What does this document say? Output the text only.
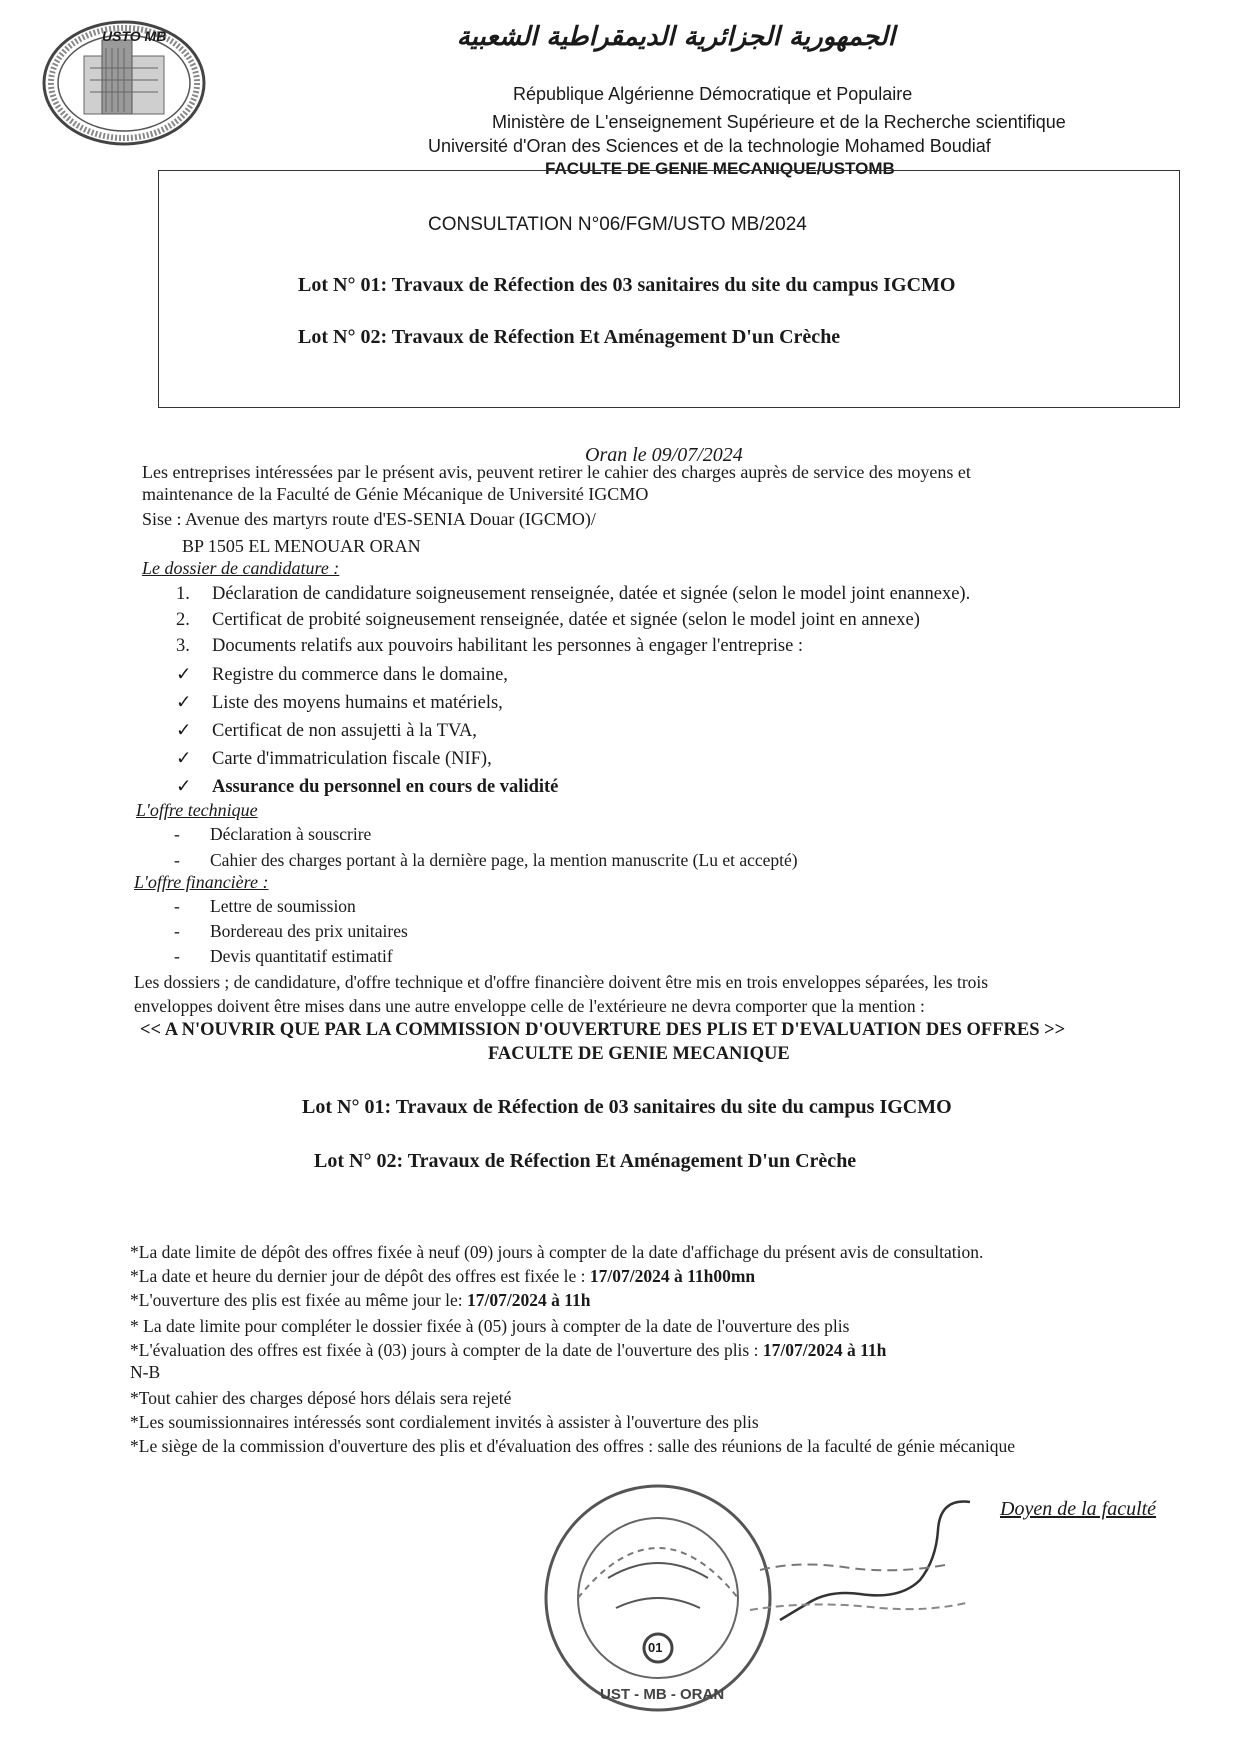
USTO MB	الجمهورية الجزائرية الديمقراطية الشعبية
République Algérienne Démocratique et Populaire
Ministère de L'enseignement Supérieure et de la Recherche scientifique
Université d'Oran des Sciences et de la technologie Mohamed Boudiaf
FACULTE DE GENIE MECANIQUE/USTOMB
CONSULTATION N°06/FGM/USTO MB/2024
Lot N° 01: Travaux de Réfection des 03 sanitaires du site du campus IGCMO
Lot N° 02: Travaux de Réfection Et Aménagement D'un Crèche
Oran le 09/07/2024
Les entreprises intéressées par le présent avis, peuvent retirer le cahier des charges auprès de service des moyens et
maintenance de la Faculté de Génie Mécanique de Université IGCMO
Sise : Avenue des martyrs route d'ES-SENIA Douar (IGCMO)/
BP 1505 EL MENOUAR ORAN
Le dossier de candidature :
1. Déclaration de candidature soigneusement renseignée, datée et signée (selon le model joint enannexe).
2. Certificat de probité soigneusement renseignée, datée et signée (selon le model joint en annexe)
3. Documents relatifs aux pouvoirs habilitant les personnes à engager l'entreprise :
✓ Registre du commerce dans le domaine,
✓ Liste des moyens humains et matériels,
✓ Certificat de non assujetti à la TVA,
✓ Carte d'immatriculation fiscale (NIF),
✓ Assurance du personnel en cours de validité
L'offre technique
- Déclaration à souscrire
- Cahier des charges portant à la dernière page, la mention manuscrite (Lu et accepté)
L'offre financière :
- Lettre de soumission
- Bordereau des prix unitaires
- Devis quantitatif estimatif
Les dossiers ; de candidature, d'offre technique et d'offre financière doivent être mis en trois enveloppes séparées, les trois
enveloppes doivent être mises dans une autre enveloppe celle de l'extérieure ne devra comporter que la mention :
<< A N'OUVRIR QUE PAR LA COMMISSION D'OUVERTURE DES PLIS ET D'EVALUATION DES OFFRES >>
FACULTE DE GENIE MECANIQUE
Lot N° 01: Travaux de Réfection de 03 sanitaires du site du campus IGCMO
Lot N° 02: Travaux de Réfection Et Aménagement D'un Crèche
*La date limite de dépôt des offres fixée à neuf (09) jours à compter de la date d'affichage du présent avis de consultation.
*La date et heure du dernier jour de dépôt des offres est fixée le : 17/07/2024 à 11h00mn
*L'ouverture des plis est fixée au même jour le: 17/07/2024 à 11h
* La date limite pour compléter le dossier fixée à (05) jours à compter de la date de l'ouverture des plis
*L'évaluation des offres est fixée à (03) jours à compter de la date de l'ouverture des plis : 17/07/2024 à 11h
N-B
*Tout cahier des charges déposé hors délais sera rejeté
*Les soumissionnaires intéressés sont cordialement invités à assister à l'ouverture des plis
*Le siège de la commission d'ouverture des plis et d'évaluation des offres : salle des réunions de la faculté de génie mécanique
Doyen de la faculté
01
UST - MB - ORAN
